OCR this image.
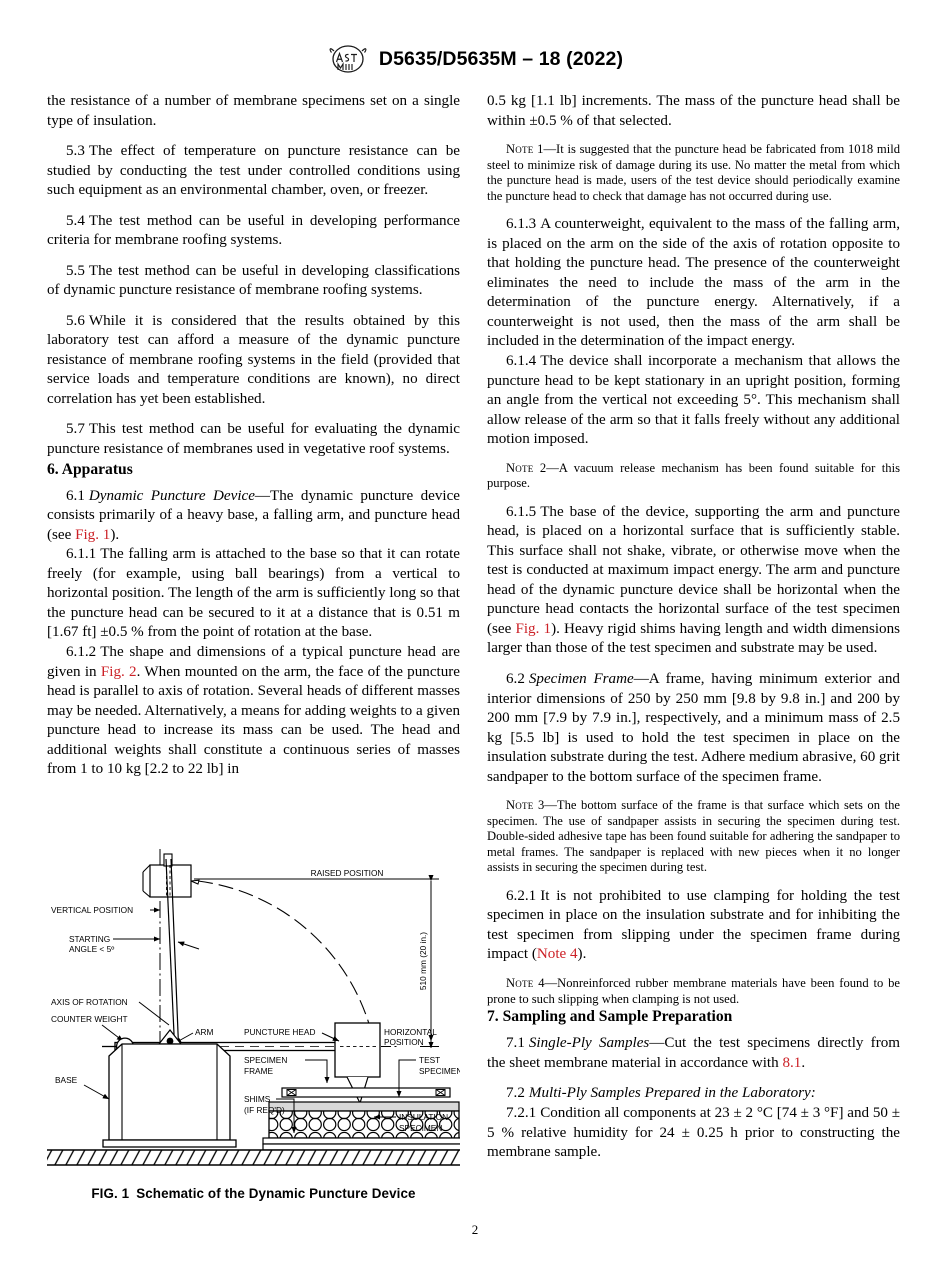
D5635/D5635M – 18 (2022)

the resistance of a number of membrane specimens set on a single type of insulation.

5.3 The effect of temperature on puncture resistance can be studied by conducting the test under controlled conditions using such equipment as an environmental chamber, oven, or freezer.

5.4 The test method can be useful in developing performance criteria for membrane roofing systems.

5.5 The test method can be useful in developing classifications of dynamic puncture resistance of membrane roofing systems.

5.6 While it is considered that the results obtained by this laboratory test can afford a measure of the dynamic puncture resistance of membrane roofing systems in the field (provided that service loads and temperature conditions are known), no direct correlation has yet been established.

5.7 This test method can be useful for evaluating the dynamic puncture resistance of membranes used in vegetative roof systems.

6. Apparatus

6.1 Dynamic Puncture Device—The dynamic puncture device consists primarily of a heavy base, a falling arm, and puncture head (see Fig. 1).

6.1.1 The falling arm is attached to the base so that it can rotate freely (for example, using ball bearings) from a vertical to horizontal position. The length of the arm is sufficiently long so that the puncture head can be secured to it at a distance that is 0.51 m [1.67 ft] ±0.5 % from the point of rotation at the base.

6.1.2 The shape and dimensions of a typical puncture head are given in Fig. 2. When mounted on the arm, the face of the puncture head is parallel to axis of rotation. Several heads of different masses may be needed. Alternatively, a means for adding weights to a given puncture head to increase its mass can be used. The head and additional weights shall constitute a continuous series of masses from 1 to 10 kg [2.2 to 22 lb] in

0.5 kg [1.1 lb] increments. The mass of the puncture head shall be within ±0.5 % of that selected.

Note 1—It is suggested that the puncture head be fabricated from 1018 mild steel to minimize risk of damage during its use. No matter the metal from which the puncture head is made, users of the test device should periodically examine the puncture head to check that damage has not occurred during use.

6.1.3 A counterweight, equivalent to the mass of the falling arm, is placed on the arm on the side of the axis of rotation opposite to that holding the puncture head. The presence of the counterweight eliminates the need to include the mass of the arm in the determination of the puncture energy. Alternatively, if a counterweight is not used, then the mass of the arm shall be included in the determination of the impact energy.

6.1.4 The device shall incorporate a mechanism that allows the puncture head to be kept stationary in an upright position, forming an angle from the vertical not exceeding 5°. This mechanism shall allow release of the arm so that it falls freely without any additional motion imposed.

Note 2—A vacuum release mechanism has been found suitable for this purpose.

6.1.5 The base of the device, supporting the arm and puncture head, is placed on a horizontal surface that is sufficiently stable. This surface shall not shake, vibrate, or otherwise move when the test is conducted at maximum impact energy. The arm and puncture head of the dynamic puncture device shall be horizontal when the puncture head contacts the horizontal surface of the test specimen (see Fig. 1). Heavy rigid shims having length and width dimensions larger than those of the test specimen and substrate may be used.

6.2 Specimen Frame—A frame, having minimum exterior and interior dimensions of 250 by 250 mm [9.8 by 9.8 in.] and 200 by 200 mm [7.9 by 7.9 in.], respectively, and a minimum mass of 2.5 kg [5.5 lb] is used to hold the test specimen in place on the insulation substrate during the test. Adhere medium abrasive, 60 grit sandpaper to the bottom surface of the specimen frame.

Note 3—The bottom surface of the frame is that surface which sets on the specimen. The use of sandpaper assists in securing the specimen during test. Double-sided adhesive tape has been found suitable for adhering the sandpaper to metal frames. The sandpaper is replaced with new pieces when it no longer assists in securing the specimen during test.

6.2.1 It is not prohibited to use clamping for holding the test specimen in place on the insulation substrate and for inhibiting the test specimen from slipping under the specimen frame during impact (Note 4).

Note 4—Nonreinforced rubber membrane materials have been found to be prone to such slipping when clamping is not used.

7. Sampling and Sample Preparation

7.1 Single-Ply Samples—Cut the test specimens directly from the sheet membrane material in accordance with 8.1.

7.2 Multi-Ply Samples Prepared in the Laboratory:

7.2.1 Condition all components at 23 ± 2 °C [74 ± 3 °F] and 50 ± 5 % relative humidity for 24 ± 0.25 h prior to constructing the membrane sample.

RAISED POSITION
VERTICAL POSITION
STARTING
ANGLE < 5º	510 mm (20 in.)
AXIS OF ROTATION
COUNTER WEIGHT
ARM
BASE
PUNCTURE HEAD	HORIZONTAL
POSITION
SPECIMEN
FRAME
SHIMS
(IF REQ'D)
TEST
SPECIMEN
INSULATION
SPECIMEN
FIG. 1 Schematic of the Dynamic Puncture Device
2
